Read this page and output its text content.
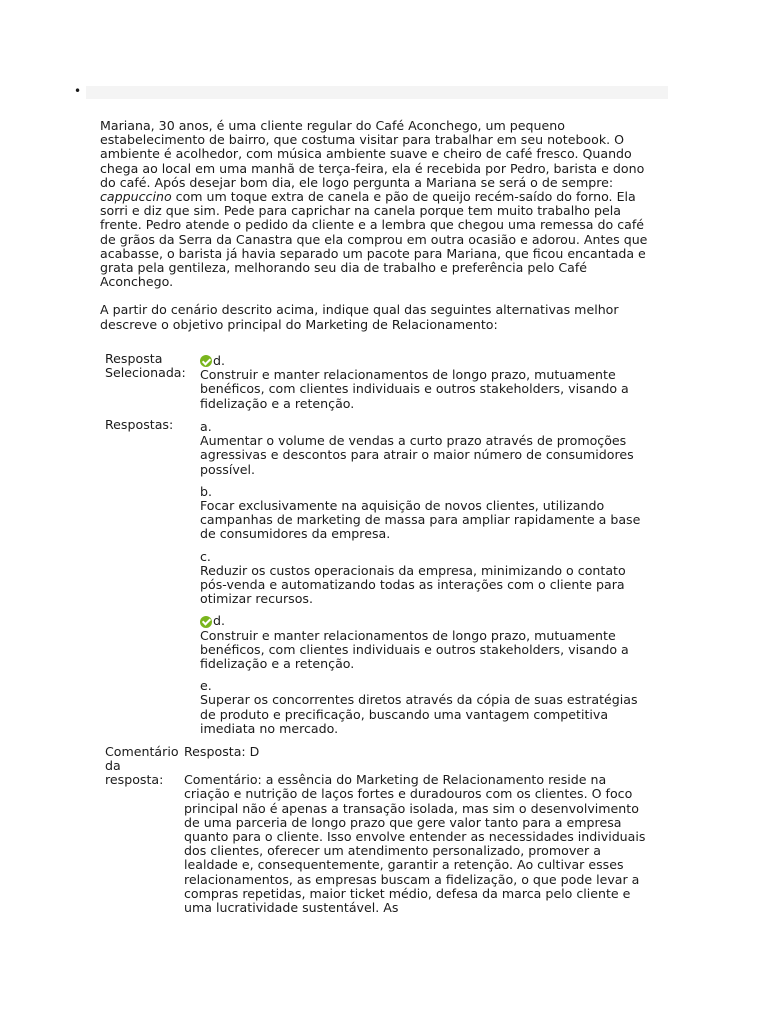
•

Mariana, 30 anos, é uma cliente regular do Café Aconchego, um pequeno estabelecimento de bairro, que costuma visitar para trabalhar em seu notebook. O ambiente é acolhedor, com música ambiente suave e cheiro de café fresco. Quando chega ao local em uma manhã de terça-feira, ela é recebida por Pedro, barista e dono do café. Após desejar bom dia, ele logo pergunta a Mariana se será o de sempre: cappuccino com um toque extra de canela e pão de queijo recém-saído do forno. Ela sorri e diz que sim. Pede para caprichar na canela porque tem muito trabalho pela frente. Pedro atende o pedido da cliente e a lembra que chegou uma remessa do café de grãos da Serra da Canastra que ela comprou em outra ocasião e adorou. Antes que acabasse, o barista já havia separado um pacote para Mariana, que ficou encantada e grata pela gentileza, melhorando seu dia de trabalho e preferência pelo Café Aconchego.

A partir do cenário descrito acima, indique qual das seguintes alternativas melhor descreve o objetivo principal do Marketing de Relacionamento:

Resposta Selecionada:
d.
Construir e manter relacionamentos de longo prazo, mutuamente benéficos, com clientes individuais e outros stakeholders, visando a fidelização e a retenção.
Respostas:	a.
Aumentar o volume de vendas a curto prazo através de promoções agressivas e descontos para atrair o maior número de consumidores possível.
b.
Focar exclusivamente na aquisição de novos clientes, utilizando campanhas de marketing de massa para ampliar rapidamente a base de consumidores da empresa.
c.
Reduzir os custos operacionais da empresa, minimizando o contato pós-venda e automatizando todas as interações com o cliente para otimizar recursos.
d.
Construir e manter relacionamentos de longo prazo, mutuamente benéficos, com clientes individuais e outros stakeholders, visando a fidelização e a retenção.
e.
Superar os concorrentes diretos através da cópia de suas estratégias de produto e precificação, buscando uma vantagem competitiva imediata no mercado.
Comentário da resposta:
Resposta: D
Comentário: a essência do Marketing de Relacionamento reside na criação e nutrição de laços fortes e duradouros com os clientes. O foco principal não é apenas a transação isolada, mas sim o desenvolvimento de uma parceria de longo prazo que gere valor tanto para a empresa quanto para o cliente. Isso envolve entender as necessidades individuais dos clientes, oferecer um atendimento personalizado, promover a lealdade e, consequentemente, garantir a retenção. Ao cultivar esses relacionamentos, as empresas buscam a fidelização, o que pode levar a compras repetidas, maior ticket médio, defesa da marca pelo cliente e uma lucratividade sustentável. As
